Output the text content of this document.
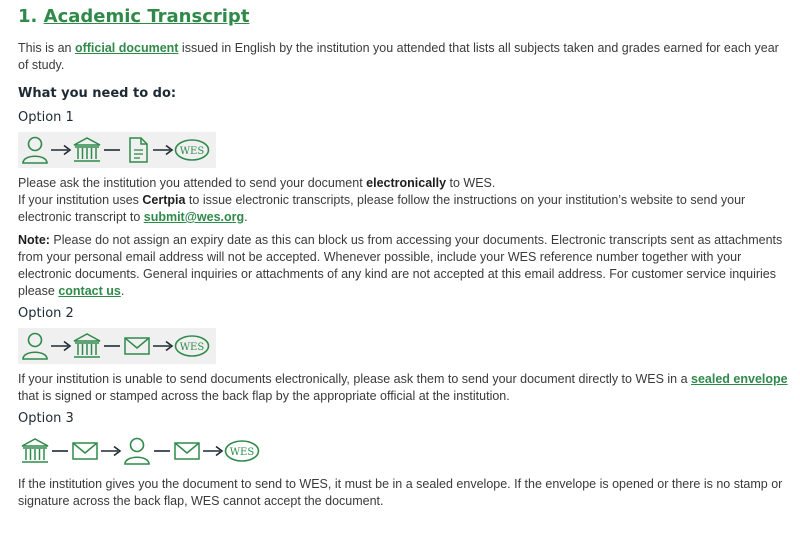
1. Academic Transcript

This is an official document issued in English by the institution you attended that lists all subjects taken and grades earned for each year of study.

What you need to do:
Option 1
WES

Please ask the institution you attended to send your document electronically to WES.

If your institution uses Certpia to issue electronic transcripts, please follow the instructions on your institution’s website to send your electronic transcript to submit@wes.org.

Note: Please do not assign an expiry date as this can block us from accessing your documents. Electronic transcripts sent as attachments from your personal email address will not be accepted. Whenever possible, include your WES reference number together with your electronic documents. General inquiries or attachments of any kind are not accepted at this email address. For customer service inquiries please contact us.

Option 2
WES

If your institution is unable to send documents electronically, please ask them to send your document directly to WES in a sealed envelope that is signed or stamped across the back flap by the appropriate official at the institution.

Option 3
WES

If the institution gives you the document to send to WES, it must be in a sealed envelope. If the envelope is opened or there is no stamp or signature across the back flap, WES cannot accept the document.
